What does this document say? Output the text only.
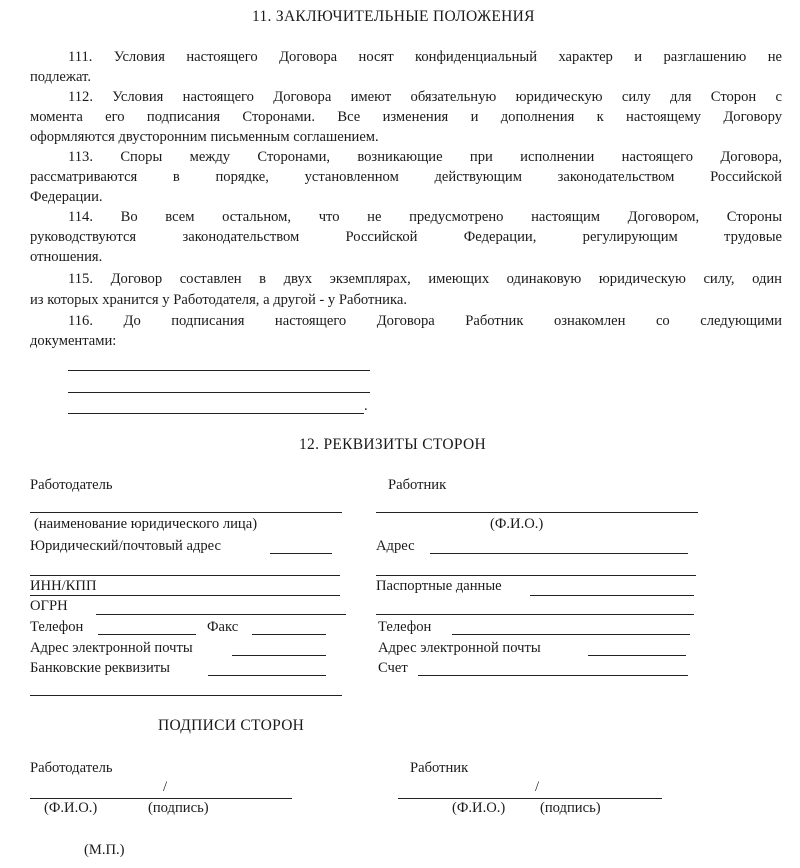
11. ЗАКЛЮЧИТЕЛЬНЫЕ ПОЛОЖЕНИЯ
111. Условия настоящего Договора носят конфиденциальный характер и разглашению не
подлежат.
112. Условия настоящего Договора имеют обязательную юридическую силу для Сторон с
момента его подписания Сторонами. Все изменения и дополнения к настоящему Договору
оформляются двусторонним письменным соглашением.
113. Споры между Сторонами, возникающие при исполнении настоящего Договора,
рассматриваются в порядке, установленном действующим законодательством Российской
Федерации.
114. Во всем остальном, что не предусмотрено настоящим Договором, Стороны
руководствуются законодательством Российской Федерации, регулирующим трудовые
отношения.
115. Договор составлен в двух экземплярах, имеющих одинаковую юридическую силу, один
из которых хранится у Работодателя, а другой - у Работника.
116. До подписания настоящего Договора Работник ознакомлен со следующими
документами:
.
12. РЕКВИЗИТЫ СТОРОН
Работодатель
(наименование юридического лица)
Юридический/почтовый адрес
ИНН/КПП
ОГРН
Телефон	Факс
Адрес электронной почты
Банковские реквизиты
Работник
(Ф.И.О.)
Адрес
Паспортные данные
Телефон
Адрес электронной почты
Счет
ПОДПИСИ СТОРОН
Работодатель
/
(Ф.И.О.)	(подпись)
Работник
/
(Ф.И.О.) (подпись)
(М.П.)
